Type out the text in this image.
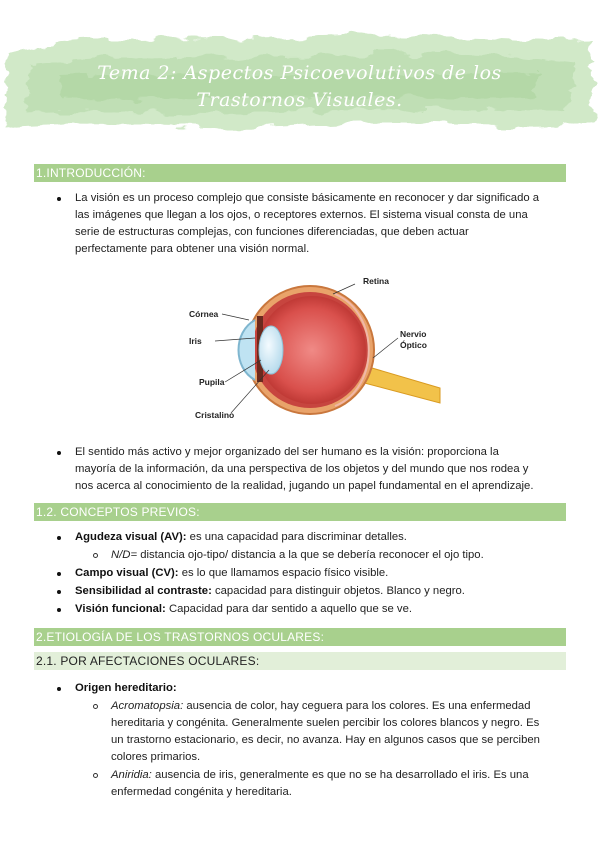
Tema 2: Aspectos Psicoevolutivos de los
Trastornos Visuales.
1.INTRODUCCIÓN:
La visión es un proceso complejo que consiste básicamente en reconocer y dar significado a
las imágenes que llegan a los ojos, o receptores externos. El sistema visual consta de una
serie de estructuras complejas, con funciones diferenciadas, que deben actuar
perfectamente para obtener una visión normal.
Retina
Córnea
Iris
Pupila
Cristalino
Nervio
Óptico
El sentido más activo y mejor organizado del ser humano es la visión: proporciona la
mayoría de la información, da una perspectiva de los objetos y del mundo que nos rodea y
nos acerca al conocimiento de la realidad, jugando un papel fundamental en el aprendizaje.
1.2. CONCEPTOS PREVIOS:
Agudeza visual (AV): es una capacidad para discriminar detalles.
N/D= distancia ojo-tipo/ distancia a la que se debería reconocer el ojo tipo.
Campo visual (CV): es lo que llamamos espacio físico visible.
Sensibilidad al contraste: capacidad para distinguir objetos. Blanco y negro.
Visión funcional: Capacidad para dar sentido a aquello que se ve.
2.ETIOLOGÍA DE LOS TRASTORNOS OCULARES:
2.1. POR AFECTACIONES OCULARES:
Origen hereditario:
Acromatopsia: ausencia de color, hay ceguera para los colores. Es una enfermedad
hereditaria y congénita. Generalmente suelen percibir los colores blancos y negro. Es
un trastorno estacionario, es decir, no avanza. Hay en algunos casos que se perciben
colores primarios.
Aniridia: ausencia de iris, generalmente es que no se ha desarrollado el iris. Es una
enfermedad congénita y hereditaria.
